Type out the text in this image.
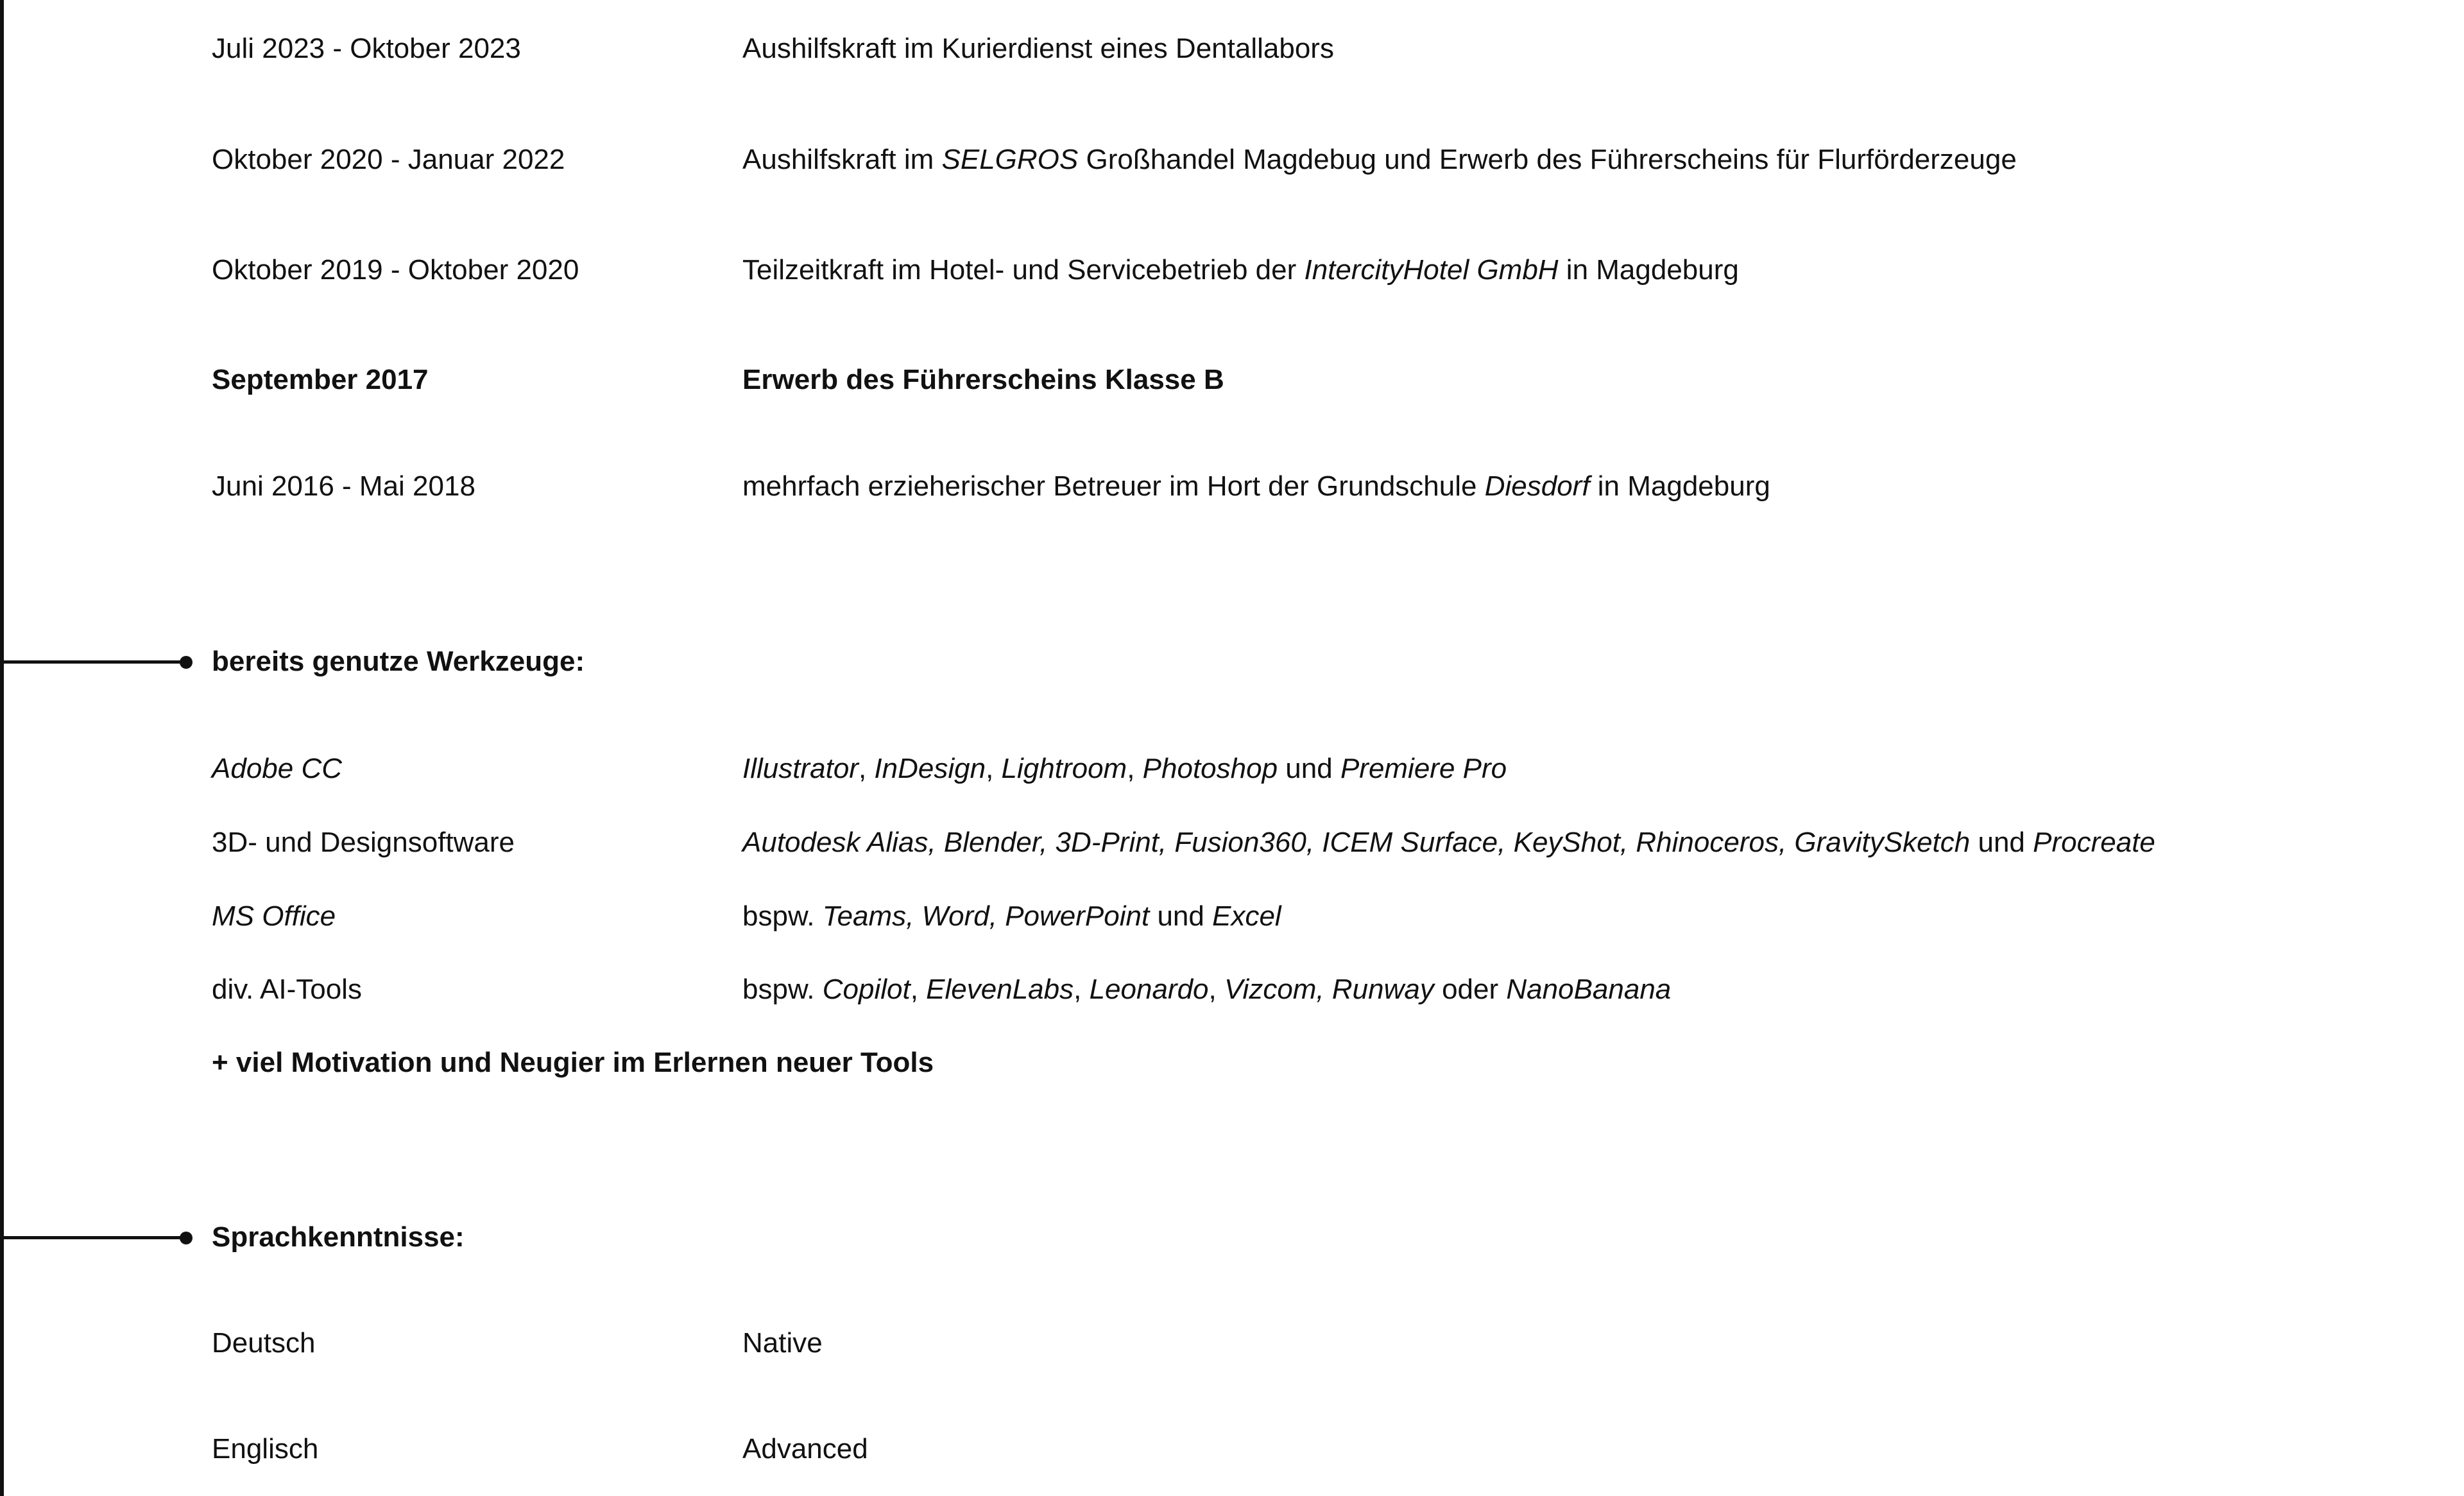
Juli 2023 - Oktober 2023	Aushilfskraft im Kurierdienst eines Dentallabors
Oktober 2020 - Januar 2022	Aushilfskraft im SELGROS Großhandel Magdebug und Erwerb des Führerscheins für Flurförderzeuge
Oktober 2019 - Oktober 2020	Teilzeitkraft im Hotel- und Servicebetrieb der IntercityHotel GmbH in Magdeburg
September 2017	Erwerb des Führerscheins Klasse B
Juni 2016 - Mai 2018	mehrfach erzieherischer Betreuer im Hort der Grundschule Diesdorf in Magdeburg
bereits genutze Werkzeuge:
Adobe CC	Illustrator, InDesign, Lightroom, Photoshop und Premiere Pro
3D- und Designsoftware	Autodesk Alias, Blender, 3D-Print, Fusion360, ICEM Surface, KeyShot, Rhinoceros, GravitySketch und Procreate
MS Office	bspw. Teams, Word, PowerPoint und Excel
div. AI-Tools	bspw. Copilot, ElevenLabs, Leonardo, Vizcom, Runway oder NanoBanana
+ viel Motivation und Neugier im Erlernen neuer Tools
Sprachkenntnisse:
Deutsch	Native
Englisch	Advanced
